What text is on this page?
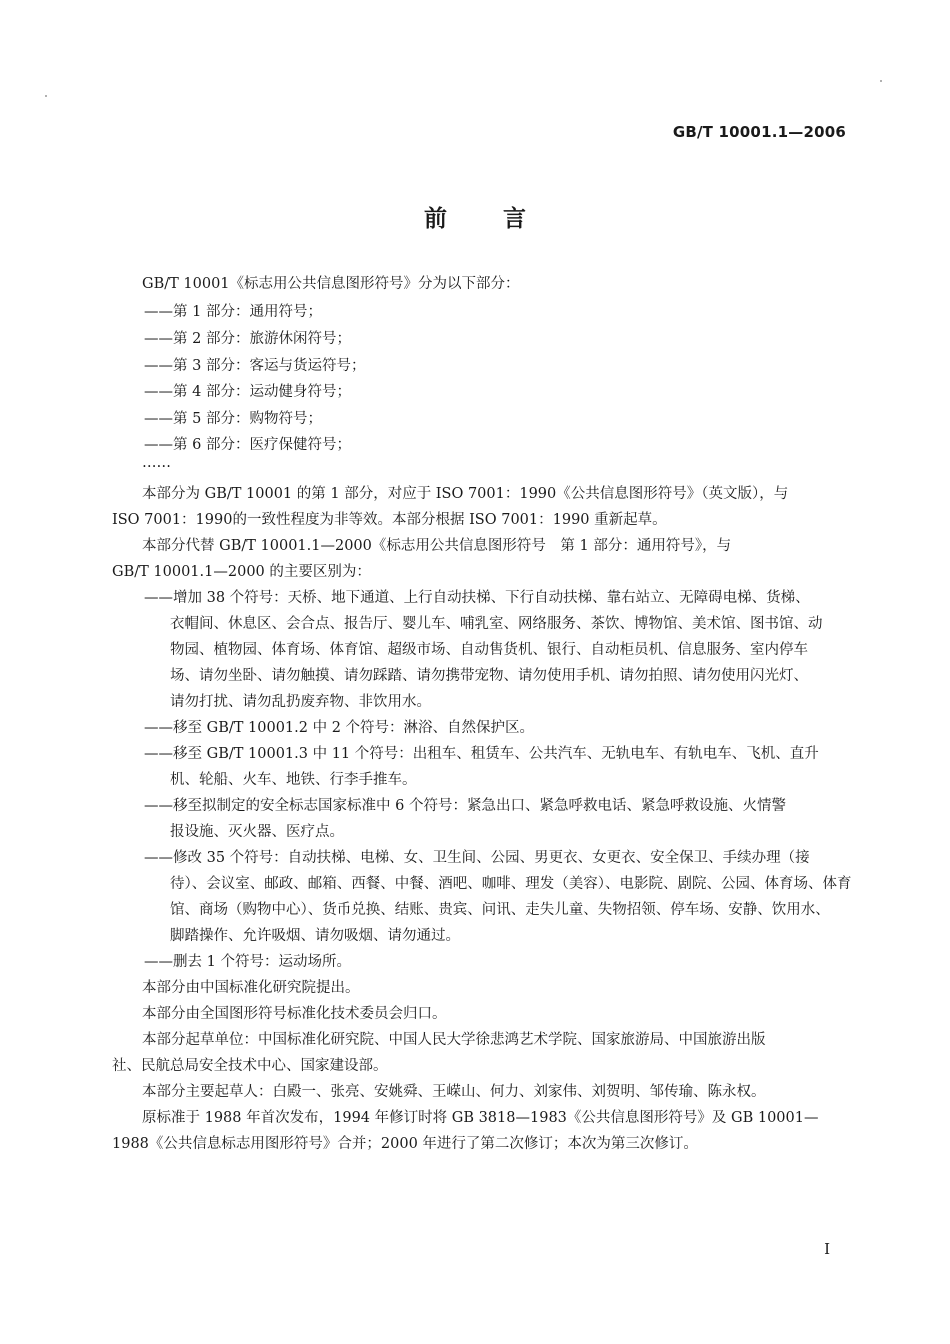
GB/T 10001.1—2006
前言
GB/T 10001《标志用公共信息图形符号》分为以下部分：
——第 1 部分：通用符号；
——第 2 部分：旅游休闲符号；
——第 3 部分：客运与货运符号；
——第 4 部分：运动健身符号；
——第 5 部分：购物符号；
——第 6 部分：医疗保健符号；
……
本部分为 GB/T 10001 的第 1 部分，对应于 ISO 7001：1990《公共信息图形符号》（英文版），与
ISO 7001：1990的一致性程度为非等效。本部分根据 ISO 7001：1990 重新起草。
本部分代替 GB/T 10001.1—2000《标志用公共信息图形符号　第 1 部分：通用符号》，与
GB/T 10001.1—2000 的主要区别为：
——增加 38 个符号：天桥、地下通道、上行自动扶梯、下行自动扶梯、靠右站立、无障碍电梯、货梯、
衣帽间、休息区、会合点、报告厅、婴儿车、哺乳室、网络服务、茶饮、博物馆、美术馆、图书馆、动
物园、植物园、体育场、体育馆、超级市场、自动售货机、银行、自动柜员机、信息服务、室内停车
场、请勿坐卧、请勿触摸、请勿踩踏、请勿携带宠物、请勿使用手机、请勿拍照、请勿使用闪光灯、
请勿打扰、请勿乱扔废弃物、非饮用水。
——移至 GB/T 10001.2 中 2 个符号：淋浴、自然保护区。
——移至 GB/T 10001.3 中 11 个符号：出租车、租赁车、公共汽车、无轨电车、有轨电车、飞机、直升
机、轮船、火车、地铁、行李手推车。
——移至拟制定的安全标志国家标准中 6 个符号：紧急出口、紧急呼救电话、紧急呼救设施、火情警
报设施、灭火器、医疗点。
——修改 35 个符号：自动扶梯、电梯、女、卫生间、公园、男更衣、女更衣、安全保卫、手续办理（接
待）、会议室、邮政、邮箱、西餐、中餐、酒吧、咖啡、理发（美容）、电影院、剧院、公园、体育场、体育
馆、商场（购物中心）、货币兑换、结账、贵宾、问讯、走失儿童、失物招领、停车场、安静、饮用水、
脚踏操作、允许吸烟、请勿吸烟、请勿通过。
——删去 1 个符号：运动场所。
本部分由中国标准化研究院提出。
本部分由全国图形符号标准化技术委员会归口。
本部分起草单位：中国标准化研究院、中国人民大学徐悲鸿艺术学院、国家旅游局、中国旅游出版
社、民航总局安全技术中心、国家建设部。
本部分主要起草人：白殿一、张亮、安姚舜、王嵘山、何力、刘家伟、刘贺明、邹传瑜、陈永权。
原标准于 1988 年首次发布，1994 年修订时将 GB 3818—1983《公共信息图形符号》及 GB 10001—
1988《公共信息标志用图形符号》合并；2000 年进行了第二次修订；本次为第三次修订。
I
